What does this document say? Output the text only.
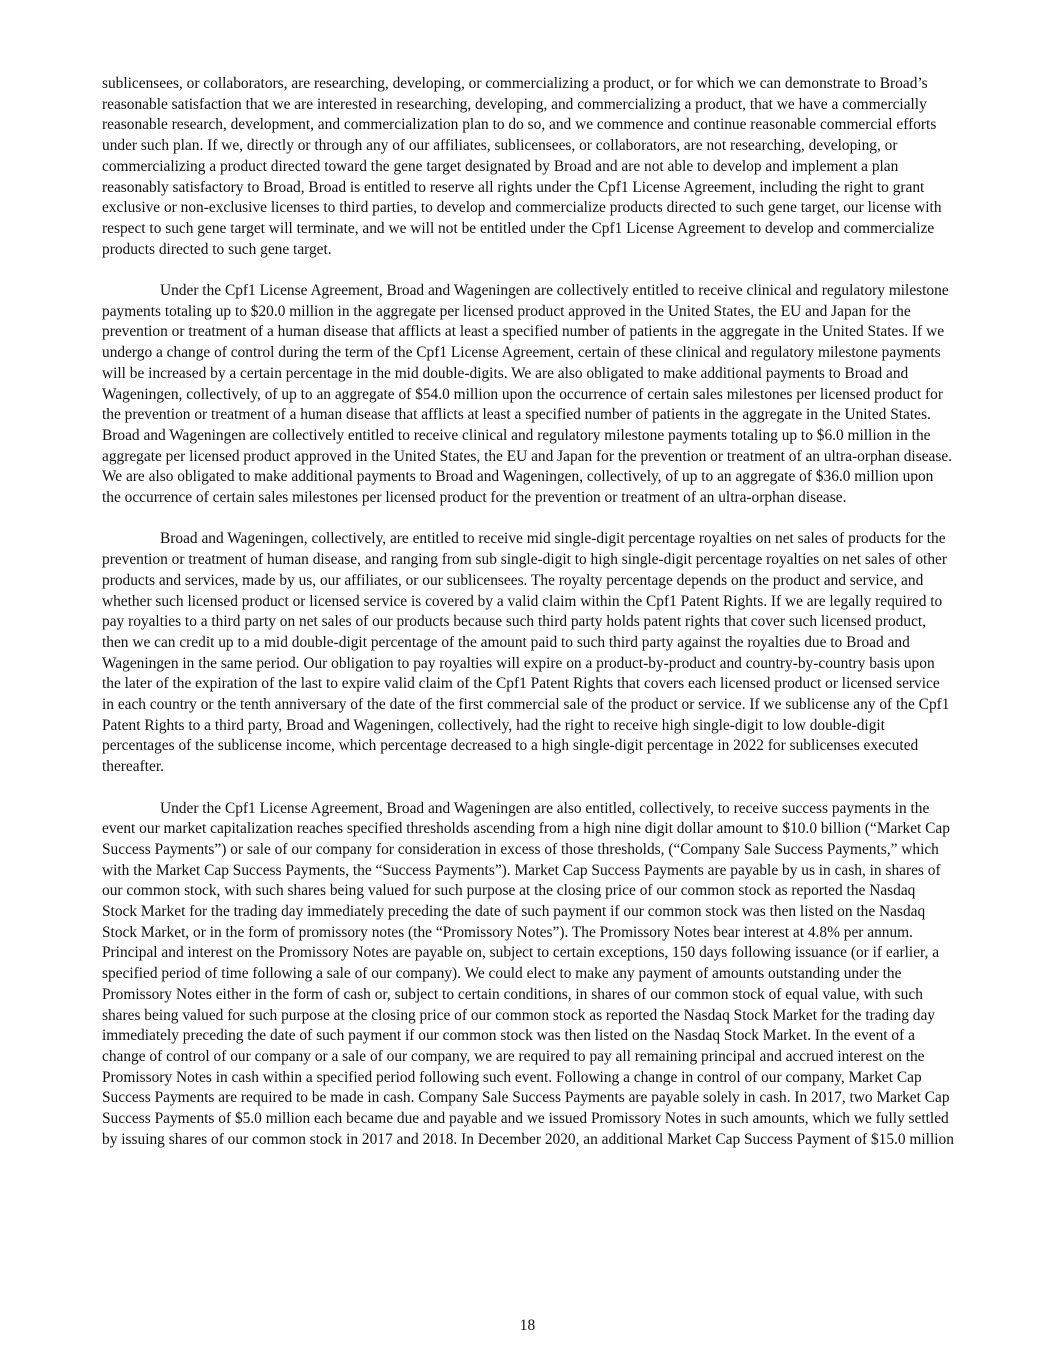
sublicensees, or collaborators, are researching, developing, or commercializing a product, or for which we can demonstrate to Broad’s reasonable satisfaction that we are interested in researching, developing, and commercializing a product, that we have a commercially reasonable research, development, and commercialization plan to do so, and we commence and continue reasonable commercial efforts under such plan. If we, directly or through any of our affiliates, sublicensees, or collaborators, are not researching, developing, or commercializing a product directed toward the gene target designated by Broad and are not able to develop and implement a plan reasonably satisfactory to Broad, Broad is entitled to reserve all rights under the Cpf1 License Agreement, including the right to grant exclusive or non-exclusive licenses to third parties, to develop and commercialize products directed to such gene target, our license with respect to such gene target will terminate, and we will not be entitled under the Cpf1 License Agreement to develop and commercialize products directed to such gene target.

Under the Cpf1 License Agreement, Broad and Wageningen are collectively entitled to receive clinical and regulatory milestone payments totaling up to $20.0 million in the aggregate per licensed product approved in the United States, the EU and Japan for the prevention or treatment of a human disease that afflicts at least a specified number of patients in the aggregate in the United States. If we undergo a change of control during the term of the Cpf1 License Agreement, certain of these clinical and regulatory milestone payments will be increased by a certain percentage in the mid double-digits. We are also obligated to make additional payments to Broad and Wageningen, collectively, of up to an aggregate of $54.0 million upon the occurrence of certain sales milestones per licensed product for the prevention or treatment of a human disease that afflicts at least a specified number of patients in the aggregate in the United States. Broad and Wageningen are collectively entitled to receive clinical and regulatory milestone payments totaling up to $6.0 million in the aggregate per licensed product approved in the United States, the EU and Japan for the prevention or treatment of an ultra-orphan disease. We are also obligated to make additional payments to Broad and Wageningen, collectively, of up to an aggregate of $36.0 million upon the occurrence of certain sales milestones per licensed product for the prevention or treatment of an ultra-orphan disease.

Broad and Wageningen, collectively, are entitled to receive mid single-digit percentage royalties on net sales of products for the prevention or treatment of human disease, and ranging from sub single-digit to high single-digit percentage royalties on net sales of other products and services, made by us, our affiliates, or our sublicensees. The royalty percentage depends on the product and service, and whether such licensed product or licensed service is covered by a valid claim within the Cpf1 Patent Rights. If we are legally required to pay royalties to a third party on net sales of our products because such third party holds patent rights that cover such licensed product, then we can credit up to a mid double-digit percentage of the amount paid to such third party against the royalties due to Broad and Wageningen in the same period. Our obligation to pay royalties will expire on a product-by-product and country-by-country basis upon the later of the expiration of the last to expire valid claim of the Cpf1 Patent Rights that covers each licensed product or licensed service in each country or the tenth anniversary of the date of the first commercial sale of the product or service. If we sublicense any of the Cpf1 Patent Rights to a third party, Broad and Wageningen, collectively, had the right to receive high single-digit to low double-digit percentages of the sublicense income, which percentage decreased to a high single-digit percentage in 2022 for sublicenses executed thereafter.

Under the Cpf1 License Agreement, Broad and Wageningen are also entitled, collectively, to receive success payments in the event our market capitalization reaches specified thresholds ascending from a high nine digit dollar amount to $10.0 billion (“Market Cap Success Payments”) or sale of our company for consideration in excess of those thresholds, (“Company Sale Success Payments,” which with the Market Cap Success Payments, the “Success Payments”). Market Cap Success Payments are payable by us in cash, in shares of our common stock, with such shares being valued for such purpose at the closing price of our common stock as reported the Nasdaq Stock Market for the trading day immediately preceding the date of such payment if our common stock was then listed on the Nasdaq Stock Market, or in the form of promissory notes (the “Promissory Notes”). The Promissory Notes bear interest at 4.8% per annum. Principal and interest on the Promissory Notes are payable on, subject to certain exceptions, 150 days following issuance (or if earlier, a specified period of time following a sale of our company). We could elect to make any payment of amounts outstanding under the Promissory Notes either in the form of cash or, subject to certain conditions, in shares of our common stock of equal value, with such shares being valued for such purpose at the closing price of our common stock as reported the Nasdaq Stock Market for the trading day immediately preceding the date of such payment if our common stock was then listed on the Nasdaq Stock Market. In the event of a change of control of our company or a sale of our company, we are required to pay all remaining principal and accrued interest on the Promissory Notes in cash within a specified period following such event. Following a change in control of our company, Market Cap Success Payments are required to be made in cash. Company Sale Success Payments are payable solely in cash. In 2017, two Market Cap Success Payments of $5.0 million each became due and payable and we issued Promissory Notes in such amounts, which we fully settled by issuing shares of our common stock in 2017 and 2018. In December 2020, an additional Market Cap Success Payment of $15.0 million

18
